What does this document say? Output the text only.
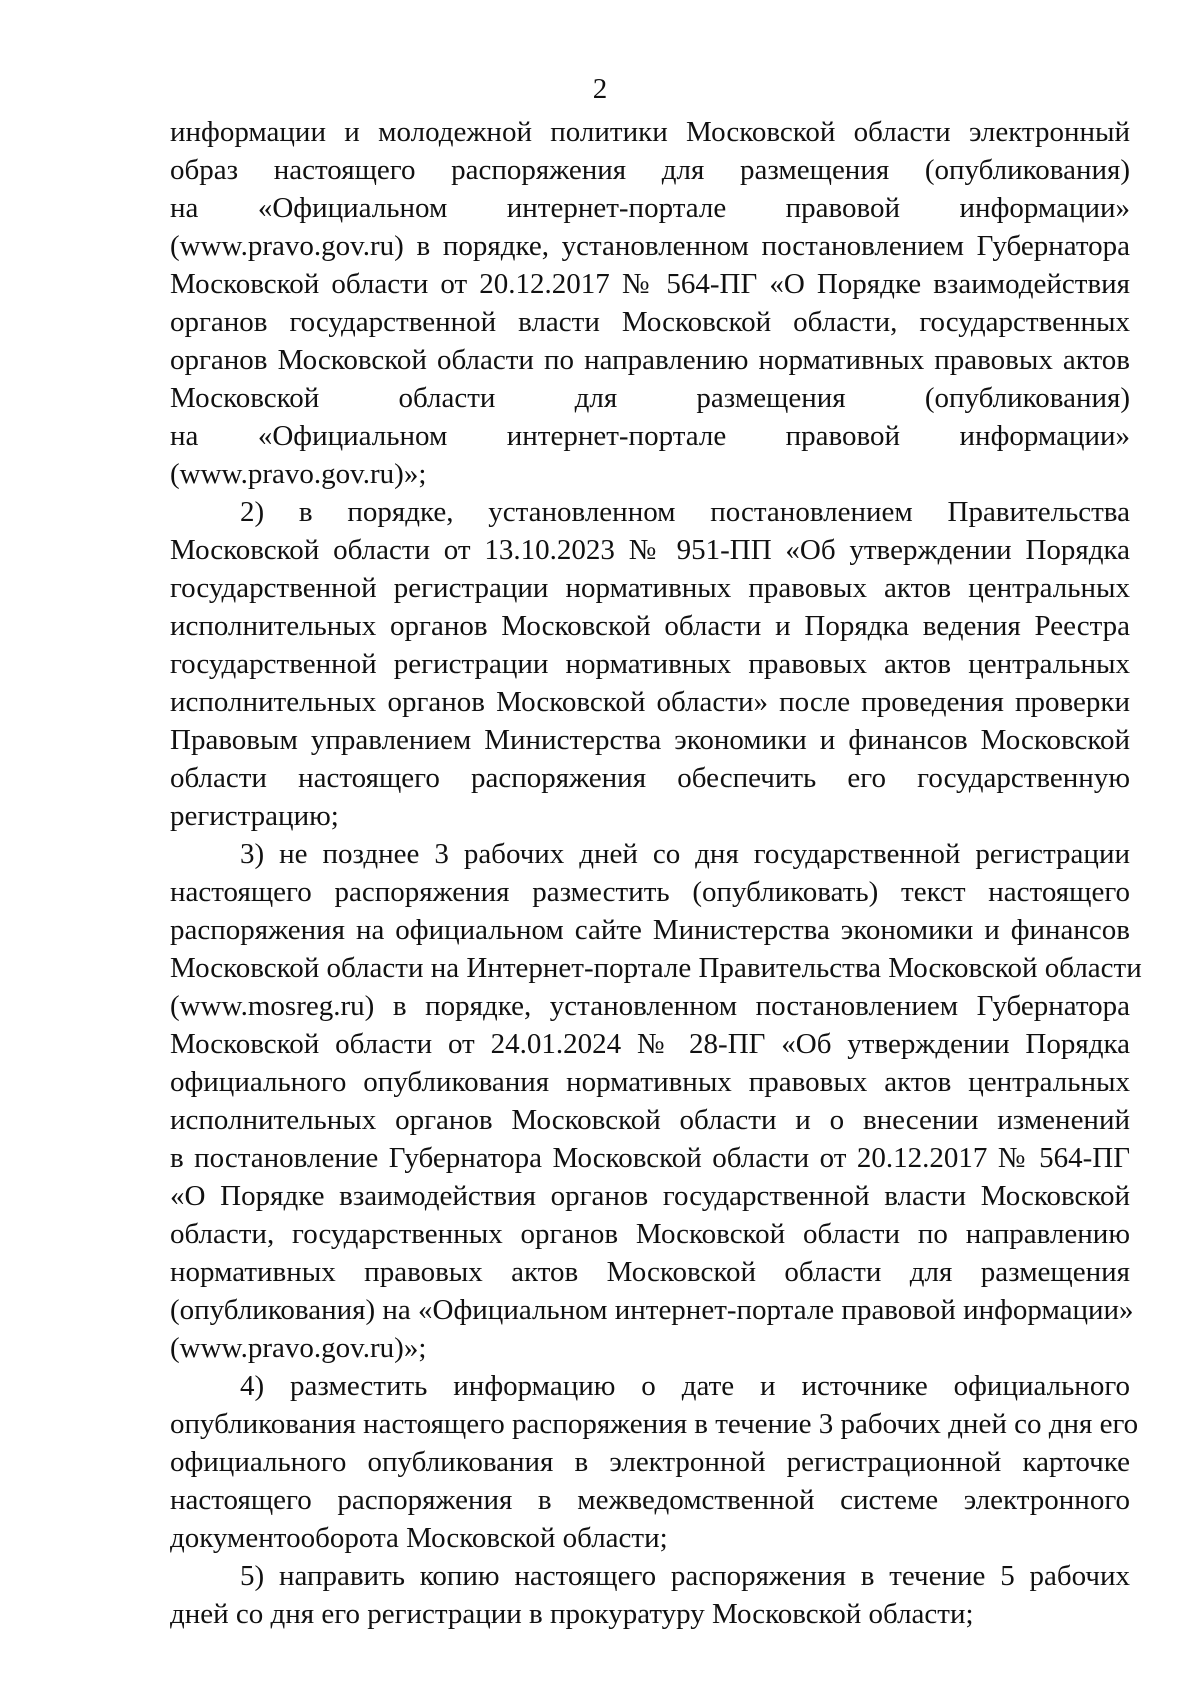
2
информации и молодежной политики Московской области электронный
образ настоящего распоряжения для размещения (опубликования)
на «Официальном интернет-портале правовой информации»
(www.pravo.gov.ru) в порядке, установленном постановлением Губернатора
Московской области от 20.12.2017 № 564-ПГ «О Порядке взаимодействия
органов государственной власти Московской области, государственных
органов Московской области по направлению нормативных правовых актов
Московской области для размещения (опубликования)
на «Официальном интернет-портале правовой информации»
(www.pravo.gov.ru)»;
2) в порядке, установленном постановлением Правительства
Московской области от 13.10.2023 № 951-ПП «Об утверждении Порядка
государственной регистрации нормативных правовых актов центральных
исполнительных органов Московской области и Порядка ведения Реестра
государственной регистрации нормативных правовых актов центральных
исполнительных органов Московской области» после проведения проверки
Правовым управлением Министерства экономики и финансов Московской
области настоящего распоряжения обеспечить его государственную
регистрацию;
3) не позднее 3 рабочих дней со дня государственной регистрации
настоящего распоряжения разместить (опубликовать) текст настоящего
распоряжения на официальном сайте Министерства экономики и финансов
Московской области на Интернет-портале Правительства Московской области
(www.mosreg.ru) в порядке, установленном постановлением Губернатора
Московской области от 24.01.2024 № 28-ПГ «Об утверждении Порядка
официального опубликования нормативных правовых актов центральных
исполнительных органов Московской области и о внесении изменений
в постановление Губернатора Московской области от 20.12.2017 № 564-ПГ
«О Порядке взаимодействия органов государственной власти Московской
области, государственных органов Московской области по направлению
нормативных правовых актов Московской области для размещения
(опубликования) на «Официальном интернет-портале правовой информации»
(www.pravo.gov.ru)»;
4) разместить информацию о дате и источнике официального
опубликования настоящего распоряжения в течение 3 рабочих дней со дня его
официального опубликования в электронной регистрационной карточке
настоящего распоряжения в межведомственной системе электронного
документооборота Московской области;
5) направить копию настоящего распоряжения в течение 5 рабочих
дней со дня его регистрации в прокуратуру Московской области;
